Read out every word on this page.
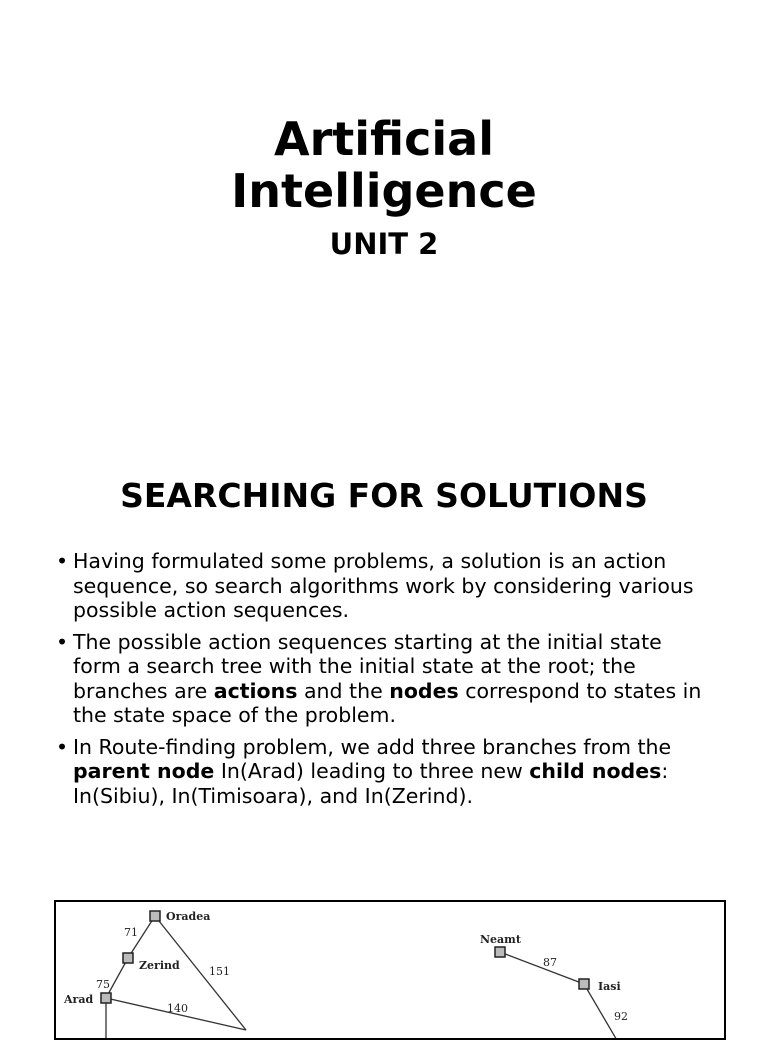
Artificial
Intelligence
UNIT 2
SEARCHING FOR SOLUTIONS
• Having formulated some problems, a solution is an action sequence, so search algorithms work by considering various possible action sequences.
• The possible action sequences starting at the initial state form a search tree with the initial state at the root; the branches are actions and the nodes correspond to states in the state space of the problem.
• In Route-finding problem, we add three branches from the parent node In(Arad) leading to three new child nodes: In(Sibiu), In(Timisoara), and In(Zerind).
Oradea
Zerind
Arad
Neamt
Iasi
71
75
151
140
87
92
